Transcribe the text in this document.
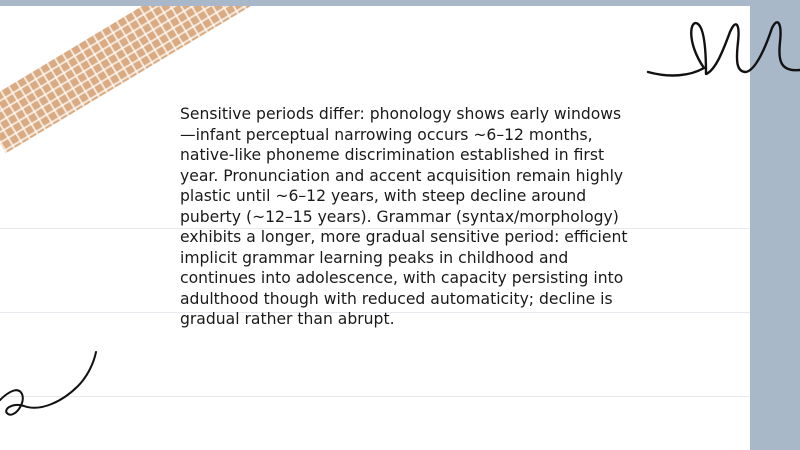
Sensitive periods differ: phonology shows early windows—infant perceptual narrowing occurs ~6–12 months, native-like phoneme discrimination established in first year. Pronunciation and accent acquisition remain highly plastic until ~6–12 years, with steep decline around puberty (~12–15 years). Grammar (syntax/morphology) exhibits a longer, more gradual sensitive period: efficient implicit grammar learning peaks in childhood and continues into adolescence, with capacity persisting into adulthood though with reduced automaticity; decline is gradual rather than abrupt.
